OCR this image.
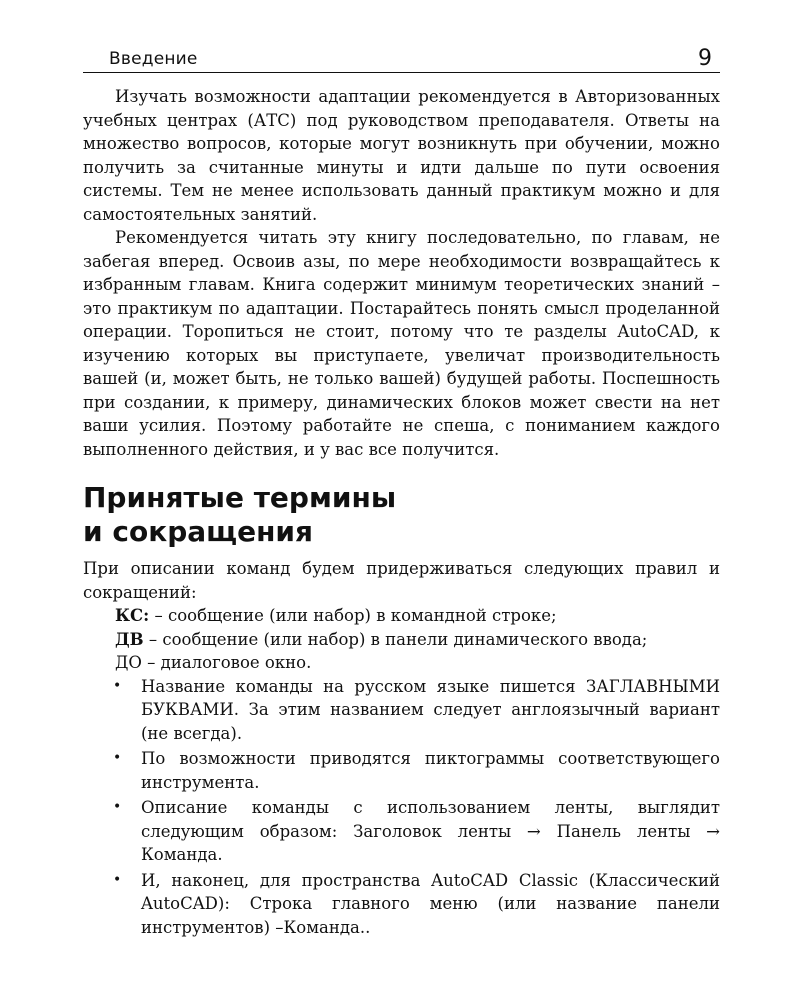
Введение	9

Изучать возможности адаптации рекомендуется в Авторизованных учебных центрах (АТС) под руководством преподавателя. Ответы на множество вопросов, которые могут возникнуть при обучении, можно получить за считанные минуты и идти дальше по пути освоения системы. Тем не менее использовать данный практикум можно и для самостоятельных занятий.

Рекомендуется читать эту книгу последовательно, по главам, не забегая вперед. Освоив азы, по мере необходимости возвращайтесь к избранным главам. Книга содержит минимум теоретических знаний – это практикум по адаптации. Постарайтесь понять смысл проделанной операции. Торопиться не стоит, потому что те разделы AutoCAD, к изучению которых вы приступаете, увеличат производительность вашей (и, может быть, не только вашей) будущей работы. Поспешность при создании, к примеру, динамических блоков может свести на нет ваши усилия. Поэтому работайте не спеша, с пониманием каждого выполненного действия, и у вас все получится.

Принятые термины
и сокращения

При описании команд будем придерживаться следующих правил и сокращений:

КС: – сообщение (или набор) в командной строке;

ДВ – сообщение (или набор) в панели динамического ввода;

ДО – диалоговое окно.

• Название команды на русском языке пишется ЗАГЛАВНЫМИ БУКВАМИ. За этим названием следует англоязычный вариант (не всегда).
• По возможности приводятся пиктограммы соответствующего инструмента.
• Описание команды с использованием ленты, выглядит следующим образом: Заголовок ленты → Панель ленты → Команда.
• И, наконец, для пространства AutoCAD Classic (Классический AutoCAD): Строка главного меню (или название панели инструментов) –Команда..
